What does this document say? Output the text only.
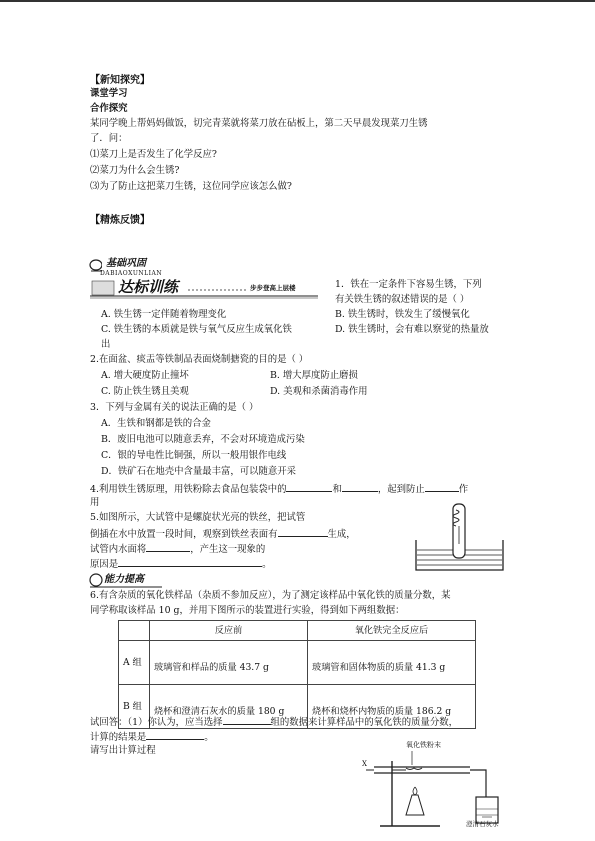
【新知探究】
课堂学习
合作探究
某同学晚上帮妈妈做饭，切完青菜就将菜刀放在砧板上，第二天早晨发现菜刀生锈
了．问：
⑴菜刀上是否发生了化学反应?
⑵菜刀为什么会生锈?
⑶为了防止这把菜刀生锈，这位同学应该怎么做?
【精炼反馈】
基础巩固
DABIAOXUNLIAN
达标训练	步步登高上层楼	1．铁在一定条件下容易生锈，下列
有关铁生锈的叙述错误的是（ ）
A. 铁生锈一定伴随着物理变化	B. 铁生锈时，铁发生了缓慢氧化
C. 铁生锈的本质就是铁与氧气反应生成氧化铁	D. 铁生锈时，会有难以察觉的热量放
出
2.在面盆、痰盂等铁制品表面烧制搪瓷的目的是（ ）
A. 增大硬度防止撞坏	B. 增大厚度防止磨损
C. 防止铁生锈且美观	D. 美观和杀菌消毒作用
3．下列与金属有关的说法正确的是（ ）
A．生铁和钢都是铁的合金
B．废旧电池可以随意丢弃，不会对环境造成污染
C．银的导电性比铜强，所以一般用银作电线
D．铁矿石在地壳中含量最丰富，可以随意开采
4.利用铁生锈原理，用铁粉除去食品包装袋中的	和	，起到防止	作
用
5.如图所示，大试管中是螺旋状光亮的铁丝，把试管
倒插在水中放置一段时间，观察到铁丝表面有	生成，
试管内水面将	，产生这一现象的
原因是	。
能力提高
6.有含杂质的氧化铁样品（杂质不参加反应），为了测定该样品中氧化铁的质量分数，某
同学称取该样品 10 g，并用下图所示的装置进行实验，得到如下两组数据：
	反应前	氧化铁完全反应后
A 组	玻璃管和样品的质量 43.7 g	玻璃管和固体物质的质量 41.3 g
B 组	烧杯和澄清石灰水的质量 180 g	烧杯和烧杯内物质的质量 186.2 g
试回答：（1）你认为，应当选择	组的数据来计算样品中的氧化铁的质量分数，
计算的结果是	。
请写出计算过程	氧化铁粉末
澄清石灰水
X
